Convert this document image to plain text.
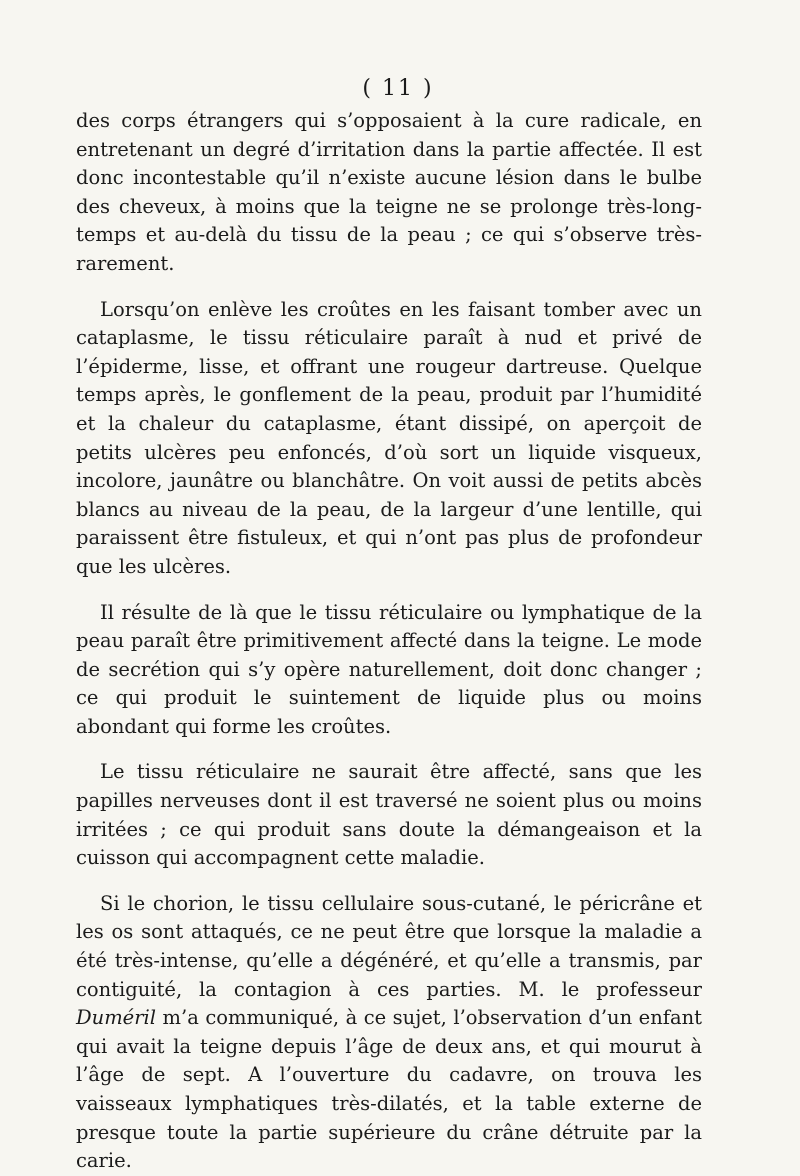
( 11 )

des corps étrangers qui s’opposaient à la cure radicale, en entretenant un degré d’irritation dans la partie affectée. Il est donc incontestable qu’il n’existe aucune lésion dans le bulbe des cheveux, à moins que la teigne ne se prolonge très-long-temps et au-delà du tissu de la peau ; ce qui s’observe très-rarement.

Lorsqu’on enlève les croûtes en les faisant tomber avec un cataplasme, le tissu réticulaire paraît à nud et privé de l’épiderme, lisse, et offrant une rougeur dartreuse. Quelque temps après, le gonflement de la peau, produit par l’humidité et la chaleur du cataplasme, étant dissipé, on aperçoit de petits ulcères peu enfoncés, d’où sort un liquide visqueux, incolore, jaunâtre ou blanchâtre. On voit aussi de petits abcès blancs au niveau de la peau, de la largeur d’une lentille, qui paraissent être fistuleux, et qui n’ont pas plus de profondeur que les ulcères.

Il résulte de là que le tissu réticulaire ou lymphatique de la peau paraît être primitivement affecté dans la teigne. Le mode de secrétion qui s’y opère naturellement, doit donc changer ; ce qui produit le suintement de liquide plus ou moins abondant qui forme les croûtes.

Le tissu réticulaire ne saurait être affecté, sans que les papilles nerveuses dont il est traversé ne soient plus ou moins irritées ; ce qui produit sans doute la démangeaison et la cuisson qui accompagnent cette maladie.

Si le chorion, le tissu cellulaire sous-cutané, le péricrâne et les os sont attaqués, ce ne peut être que lorsque la maladie a été très-intense, qu’elle a dégénéré, et qu’elle a transmis, par contiguité, la contagion à ces parties. M. le professeur Duméril m’a communiqué, à ce sujet, l’observation d’un enfant qui avait la teigne depuis l’âge de deux ans, et qui mourut à l’âge de sept. A l’ouverture du cadavre, on trouva les vaisseaux lymphatiques très-dilatés, et la table externe de presque toute la partie supérieure du crâne détruite par la carie.
